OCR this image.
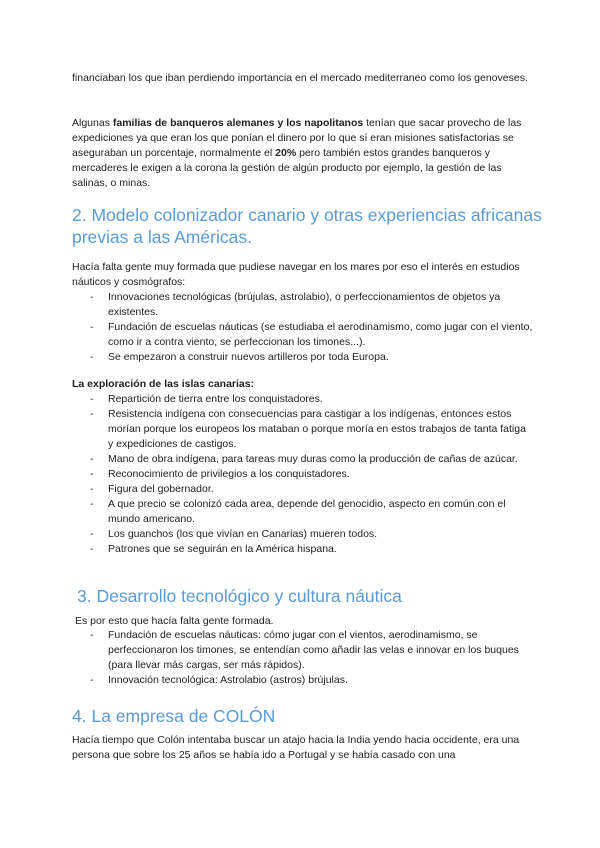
financiaban los que iban perdiendo importancia en el mercado mediterraneo como los genoveses.

Algunas familias de banqueros alemanes y los napolitanos tenían que sacar provecho de las expediciones ya que eran los que ponían el dinero por lo que sí eran misiones satisfactorias se aseguraban un porcentaje, normalmente el 20% pero también estos grandes banqueros y mercaderes le exigen a la corona la gestión de algún producto por ejemplo, la gestión de las salinas, o minas.

2. Modelo colonizador canario y otras experiencias africanas previas a las Américas.

Hacía falta gente muy formada que pudiese navegar en los mares por eso el interés en estudios náuticos y cosmógrafos:

- Innovaciones tecnológicas (brújulas, astrolabio), o perfeccionamientos de objetos ya existentes.
- Fundación de escuelas náuticas (se estudiaba el aerodinamismo, como jugar con el viento, como ir a contra viento, se perfeccionan los timones...).
- Se empezaron a construir nuevos artilleros por toda Europa.

La exploración de las islas canarias:

- Repartición de tierra entre los conquistadores.
- Resistencia indígena con consecuencias para castigar a los indígenas, entonces estos morían porque los europeos los mataban o porque moría en estos trabajos de tanta fatiga y expediciones de castigos.
- Mano de obra indígena, para tareas muy duras como la producción de cañas de azúcar.
- Reconocimiento de privilegios a los conquistadores.
- Figura del gobernador.
- A que precio se colonizó cada area, depende del genocidio, aspecto en común con el mundo americano.
- Los guanchos (los que vivían en Canarias) mueren todos.
- Patrones que se seguirán en la América hispana.
3. Desarrollo tecnológico y cultura náutica

Es por esto que hacía falta gente formada.

- Fundación de escuelas náuticas: cómo jugar con el vientos, aerodinamismo, se perfeccionaron los timones, se entendían como añadir las velas e innovar en los buques (para llevar más cargas, ser más rápidos).
- Innovación tecnológica: Astrolabio (astros) brújulas.
4. La empresa de COLÓN

Hacía tiempo que Colón intentaba buscar un atajo hacia la India yendo hacia occidente, era una persona que sobre los 25 años se había ido a Portugal y se había casado con una
